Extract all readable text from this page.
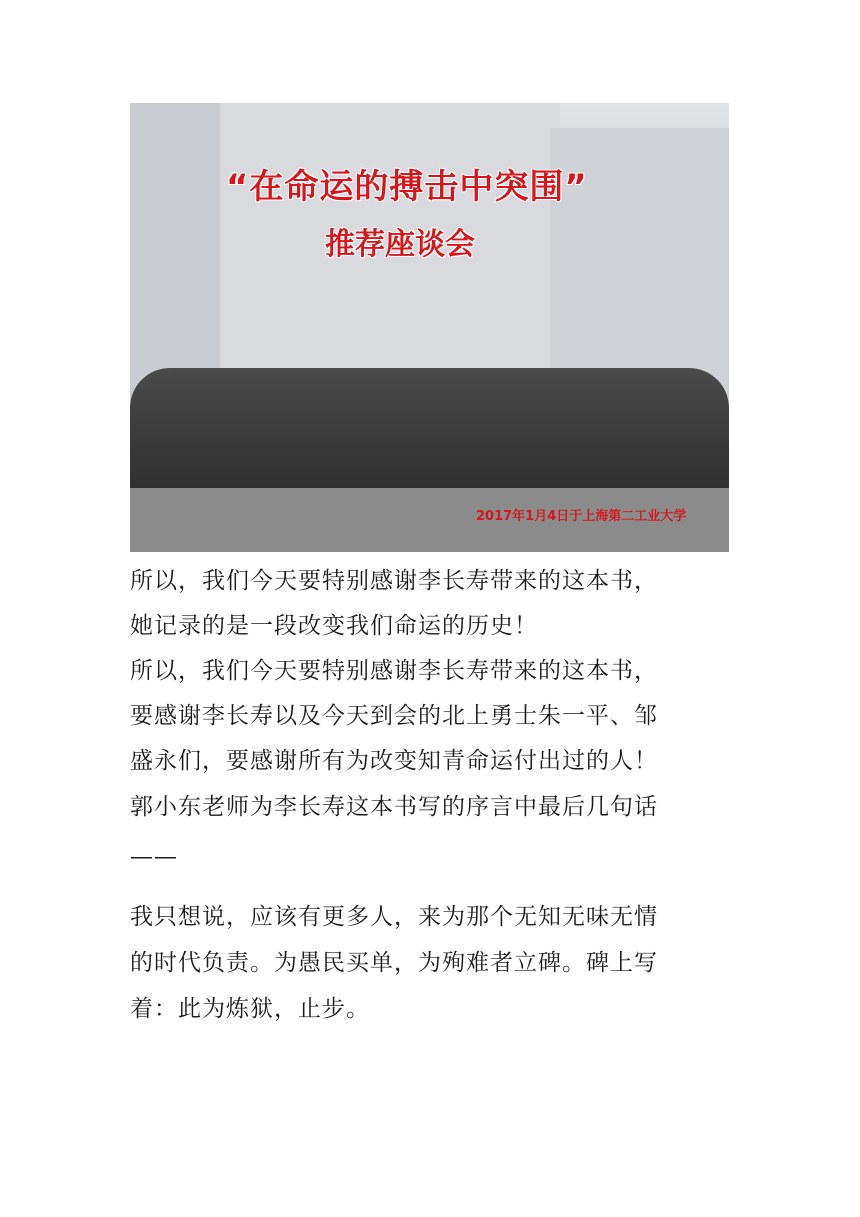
“在命运的搏击中突围”
推荐座谈会
2017年1月4日于上海第二工业大学
所以，我们今天要特别感谢李长寿带来的这本书，
她记录的是一段改变我们命运的历史！
所以，我们今天要特别感谢李长寿带来的这本书，
要感谢李长寿以及今天到会的北上勇士朱一平、邹
盛永们，要感谢所有为改变知青命运付出过的人！
郭小东老师为李长寿这本书写的序言中最后几句话
——
我只想说，应该有更多人，来为那个无知无味无情
的时代负责。为愚民买单，为殉难者立碑。碑上写
着：此为炼狱，止步。
